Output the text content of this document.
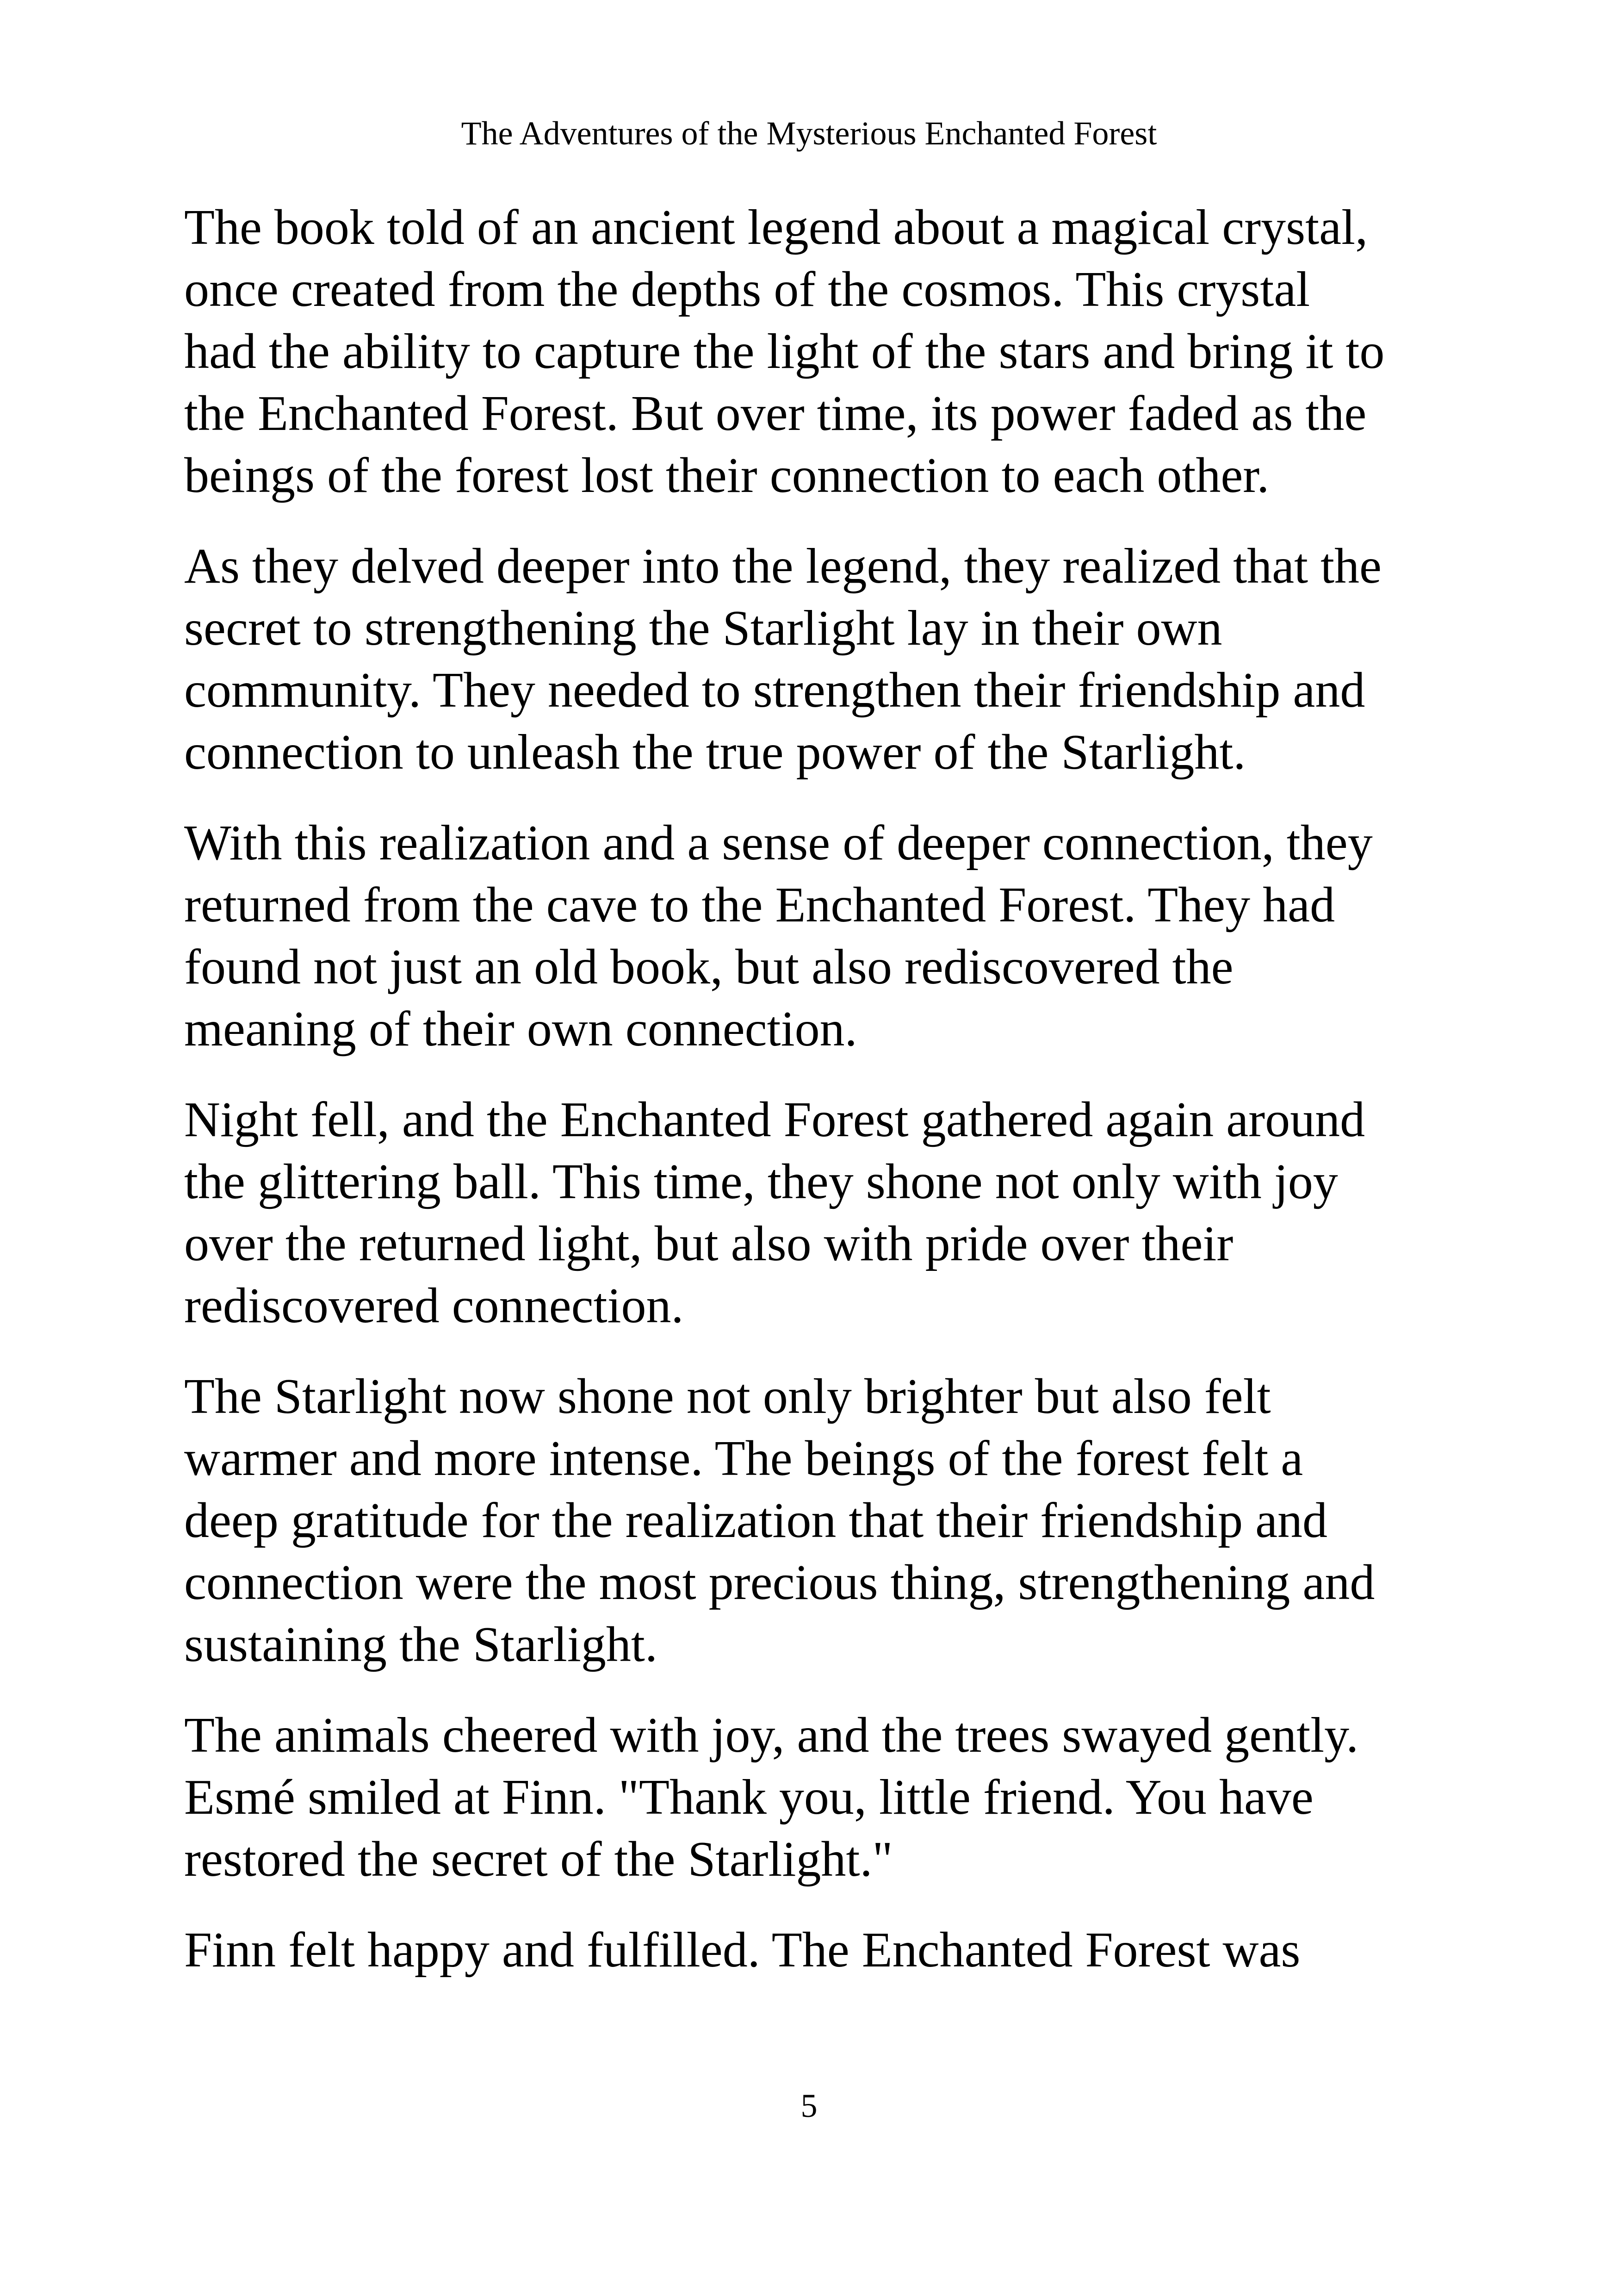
The Adventures of the Mysterious Enchanted Forest

The book told of an ancient legend about a magical crystal,
once created from the depths of the cosmos. This crystal
had the ability to capture the light of the stars and bring it to
the Enchanted Forest. But over time, its power faded as the
beings of the forest lost their connection to each other.

As they delved deeper into the legend, they realized that the
secret to strengthening the Starlight lay in their own
community. They needed to strengthen their friendship and
connection to unleash the true power of the Starlight.

With this realization and a sense of deeper connection, they
returned from the cave to the Enchanted Forest. They had
found not just an old book, but also rediscovered the
meaning of their own connection.

Night fell, and the Enchanted Forest gathered again around
the glittering ball. This time, they shone not only with joy
over the returned light, but also with pride over their
rediscovered connection.

The Starlight now shone not only brighter but also felt
warmer and more intense. The beings of the forest felt a
deep gratitude for the realization that their friendship and
connection were the most precious thing, strengthening and
sustaining the Starlight.

The animals cheered with joy, and the trees swayed gently.
Esmé smiled at Finn. "Thank you, little friend. You have
restored the secret of the Starlight."

Finn felt happy and fulfilled. The Enchanted Forest was

5
